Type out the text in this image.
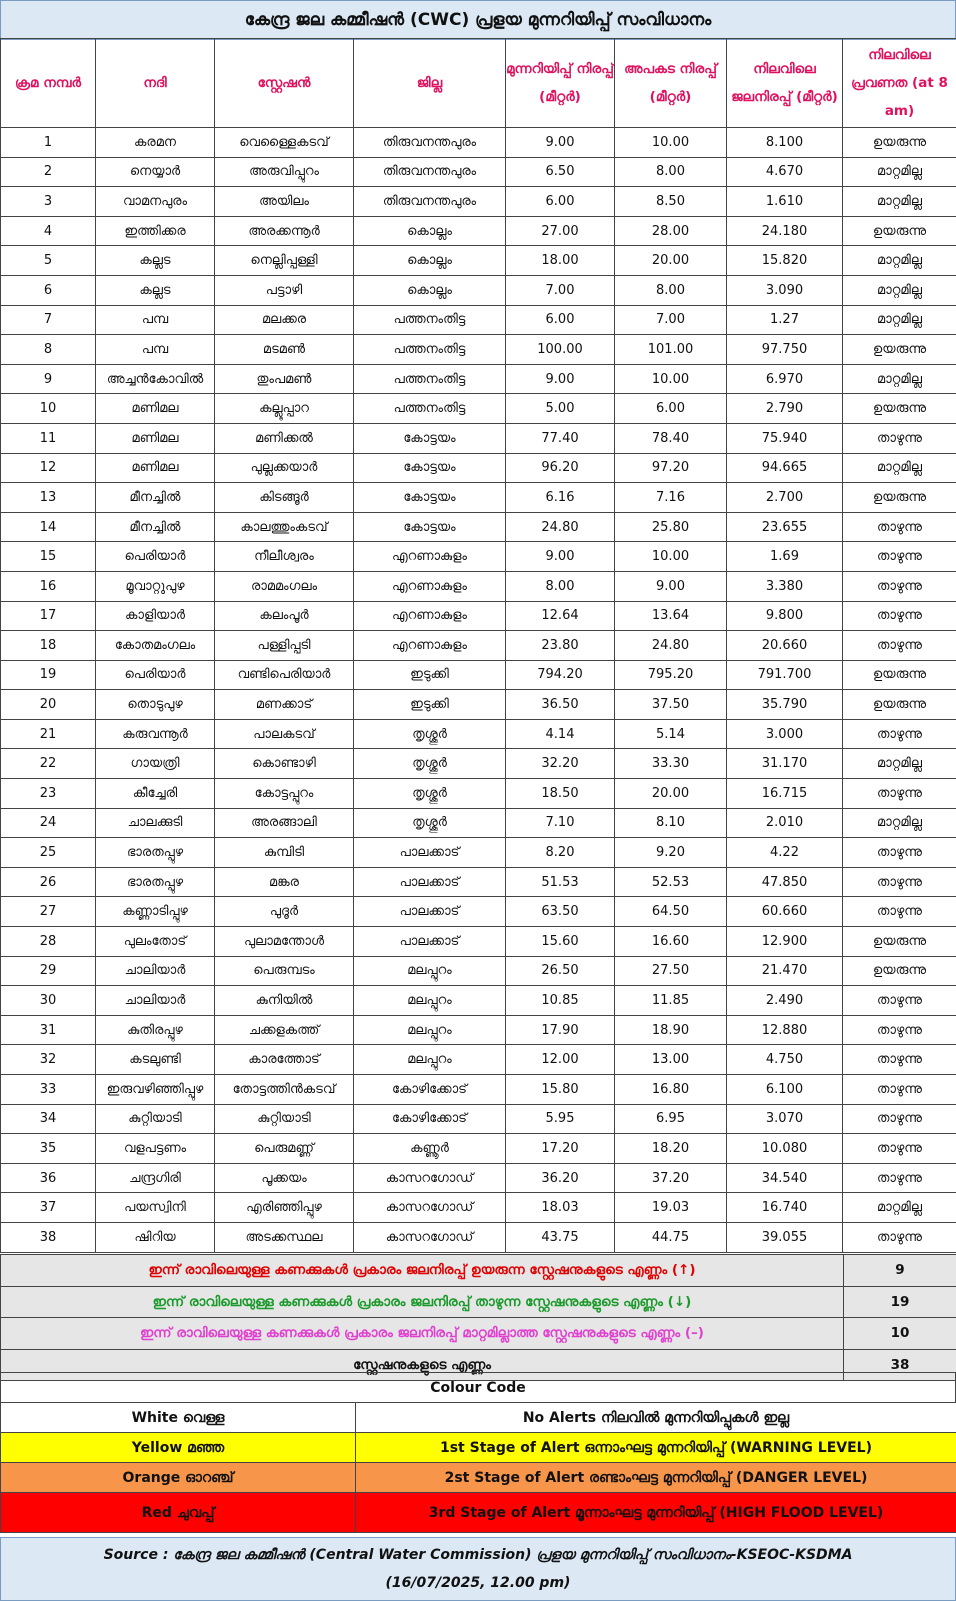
കേന്ദ്ര ജല കമ്മീഷൻ (CWC) പ്രളയ മുന്നറിയിപ്പ് സംവിധാനം
ക്രമ നമ്പർ	നദി	സ്റ്റേഷൻ	ജില്ല	മുന്നറിയിപ്പ് നിരപ്പ് (മീറ്റർ)	അപകട നിരപ്പ് (മീറ്റർ)	നിലവിലെ ജലനിരപ്പ് (മീറ്റർ)	നിലവിലെ പ്രവണത (at 8 am)
1	കരമന	വെള്ളൈകടവ്	തിരുവനന്തപുരം	9.00	10.00	8.100	ഉയരുന്നു
2	നെയ്യാർ	അരുവിപ്പുറം	തിരുവനന്തപുരം	6.50	8.00	4.670	മാറ്റമില്ല
3	വാമനപുരം	അയിലം	തിരുവനന്തപുരം	6.00	8.50	1.610	മാറ്റമില്ല
4	ഇത്തിക്കര	അരക്കന്നൂർ	കൊല്ലം	27.00	28.00	24.180	ഉയരുന്നു
5	കല്ലട	നെല്ലിപ്പള്ളി	കൊല്ലം	18.00	20.00	15.820	മാറ്റമില്ല
6	കല്ലട	പട്ടാഴി	കൊല്ലം	7.00	8.00	3.090	മാറ്റമില്ല
7	പമ്പ	മലക്കര	പത്തനംതിട്ട	6.00	7.00	1.27	മാറ്റമില്ല
8	പമ്പ	മടമൺ	പത്തനംതിട്ട	100.00	101.00	97.750	ഉയരുന്നു
9	അച്ചൻകോവിൽ	തുംപമൺ	പത്തനംതിട്ട	9.00	10.00	6.970	മാറ്റമില്ല
10	മണിമല	കല്ലൂപ്പാറ	പത്തനംതിട്ട	5.00	6.00	2.790	ഉയരുന്നു
11	മണിമല	മണിക്കൽ	കോട്ടയം	77.40	78.40	75.940	താഴുന്നു
12	മണിമല	പുല്ലക്കയാർ	കോട്ടയം	96.20	97.20	94.665	മാറ്റമില്ല
13	മീനച്ചിൽ	കിടങ്ങൂർ	കോട്ടയം	6.16	7.16	2.700	ഉയരുന്നു
14	മീനച്ചിൽ	കാലത്തുംകടവ്	കോട്ടയം	24.80	25.80	23.655	താഴുന്നു
15	പെരിയാർ	നീലീശ്വരം	എറണാകുളം	9.00	10.00	1.69	താഴുന്നു
16	മൂവാറ്റുപുഴ	രാമമംഗലം	എറണാകുളം	8.00	9.00	3.380	താഴുന്നു
17	കാളിയാർ	കലംപൂർ	എറണാകുളം	12.64	13.64	9.800	താഴുന്നു
18	കോതമംഗലം	പള്ളിപ്പടി	എറണാകുളം	23.80	24.80	20.660	താഴുന്നു
19	പെരിയാർ	വണ്ടിപെരിയാർ	ഇടുക്കി	794.20	795.20	791.700	ഉയരുന്നു
20	തൊടുപുഴ	മണക്കാട്	ഇടുക്കി	36.50	37.50	35.790	ഉയരുന്നു
21	കരുവന്നൂർ	പാലകടവ്	തൃശ്ശൂർ	4.14	5.14	3.000	താഴുന്നു
22	ഗായത്രി	കൊണ്ടാഴി	തൃശ്ശൂർ	32.20	33.30	31.170	മാറ്റമില്ല
23	കീച്ചേരി	കോട്ടപ്പുറം	തൃശ്ശൂർ	18.50	20.00	16.715	താഴുന്നു
24	ചാലക്കുടി	അരങ്ങാലി	തൃശ്ശൂർ	7.10	8.10	2.010	മാറ്റമില്ല
25	ഭാരതപ്പുഴ	കുമ്പിടി	പാലക്കാട്	8.20	9.20	4.22	താഴുന്നു
26	ഭാരതപ്പുഴ	മങ്കര	പാലക്കാട്	51.53	52.53	47.850	താഴുന്നു
27	കണ്ണാടിപ്പുഴ	പുദൂർ	പാലക്കാട്	63.50	64.50	60.660	താഴുന്നു
28	പുലംതോട്	പുലാമന്തോൾ	പാലക്കാട്	15.60	16.60	12.900	ഉയരുന്നു
29	ചാലിയാർ	പെരുമ്പടം	മലപ്പുറം	26.50	27.50	21.470	ഉയരുന്നു
30	ചാലിയാർ	കുനിയിൽ	മലപ്പുറം	10.85	11.85	2.490	താഴുന്നു
31	കുതിരപ്പുഴ	ചക്കളകത്ത്	മലപ്പുറം	17.90	18.90	12.880	താഴുന്നു
32	കടലുണ്ടി	കാരത്തോട്	മലപ്പുറം	12.00	13.00	4.750	താഴുന്നു
33	ഇരുവഴിഞ്ഞിപ്പുഴ	തോട്ടത്തിൻകടവ്	കോഴിക്കോട്	15.80	16.80	6.100	താഴുന്നു
34	കുറ്റിയാടി	കുറ്റിയാടി	കോഴിക്കോട്	5.95	6.95	3.070	താഴുന്നു
35	വളപട്ടണം	പെരുമണ്ണ്	കണ്ണൂർ	17.20	18.20	10.080	താഴുന്നു
36	ചന്ദ്രഗിരി	പൂക്കയം	കാസറഗോഡ്	36.20	37.20	34.540	താഴുന്നു
37	പയസ്വിനി	എരിഞ്ഞിപ്പുഴ	കാസറഗോഡ്	18.03	19.03	16.740	മാറ്റമില്ല
38	ഷിറിയ	അടക്കസ്ഥല	കാസറഗോഡ്	43.75	44.75	39.055	താഴുന്നു
ഇന്ന് രാവിലെയുള്ള കണക്കുകൾ പ്രകാരം ജലനിരപ്പ് ഉയരുന്ന സ്റ്റേഷനുകളുടെ എണ്ണം (↑)	9
ഇന്ന് രാവിലെയുള്ള കണക്കുകൾ പ്രകാരം ജലനിരപ്പ് താഴുന്ന സ്റ്റേഷനുകളുടെ എണ്ണം (↓)	19
ഇന്ന് രാവിലെയുള്ള കണക്കുകൾ പ്രകാരം ജലനിരപ്പ് മാറ്റമില്ലാത്ത സ്റ്റേഷനുകളുടെ എണ്ണം (–)	10
സ്റ്റേഷനുകളുടെ എണ്ണം	38
Colour Code
White വെള്ള	No Alerts നിലവിൽ മുന്നറിയിപ്പുകൾ ഇല്ല
Yellow മഞ്ഞ	1st Stage of Alert ഒന്നാംഘട്ട മുന്നറിയിപ്പ് (WARNING LEVEL)
Orange ഓറഞ്ച്	2st Stage of Alert രണ്ടാംഘട്ട മുന്നറിയിപ്പ് (DANGER LEVEL)
Red ചുവപ്പ്	3rd Stage of Alert മൂന്നാംഘട്ട മുന്നറിയിപ്പ് (HIGH FLOOD LEVEL)
Source : കേന്ദ്ര ജല കമ്മീഷൻ (Central Water Commission) പ്രളയ മുന്നറിയിപ്പ് സംവിധാനം-KSEOC-KSDMA
(16/07/2025, 12.00 pm)
